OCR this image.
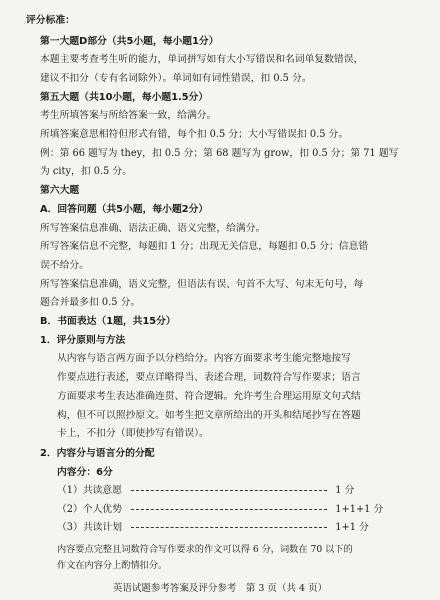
评分标准：
第一大题D部分（共5小题，每小题1分）
本题主要考查考生听的能力，单词拼写如有大小写错误和名词单复数错误，
建议不扣分（专有名词除外）。单词如有词性错误，扣 0.5 分。
第五大题（共10小题，每小题1.5分）
考生所填答案与所给答案一致，给满分。
所填答案意思相符但形式有错，每个扣 0.5 分；大小写错误扣 0.5 分。
例：第 66 题写为 they，扣 0.5 分；第 68 题写为 grow，扣 0.5 分；第 71 题写
为 city，扣 0.5 分。
第六大题
A．回答问题（共5小题，每小题2分）
所写答案信息准确、语法正确、语义完整，给满分。
所写答案信息不完整，每题扣 1 分；出现无关信息，每题扣 0.5 分；信息错
误不给分。
所写答案信息准确，语义完整，但语法有误、句首不大写、句末无句号，每
题合并最多扣 0.5 分。
B．书面表达（1题，共15分）
1．评分原则与方法
从内容与语言两方面予以分档给分。内容方面要求考生能完整地按写
作要点进行表述，要点详略得当、表述合理，词数符合写作要求；语言
方面要求考生表达准确连贯、符合逻辑。允许考生合理运用原文句式结
构，但不可以照抄原文。如考生把文章所给出的开头和结尾抄写在答题
卡上，不扣分（即使抄写有错误）。
2．内容分与语言分的分配
内容分：6分
（1）共读意愿	1 分
（2）个人优势	1+1+1 分
（3）共读计划	1+1 分
内容要点完整且词数符合写作要求的作文可以得 6 分，词数在 70 以下的
作文在内容分上酌情扣分。
英语试题参考答案及评分参考　第 3 页（共 4 页）
